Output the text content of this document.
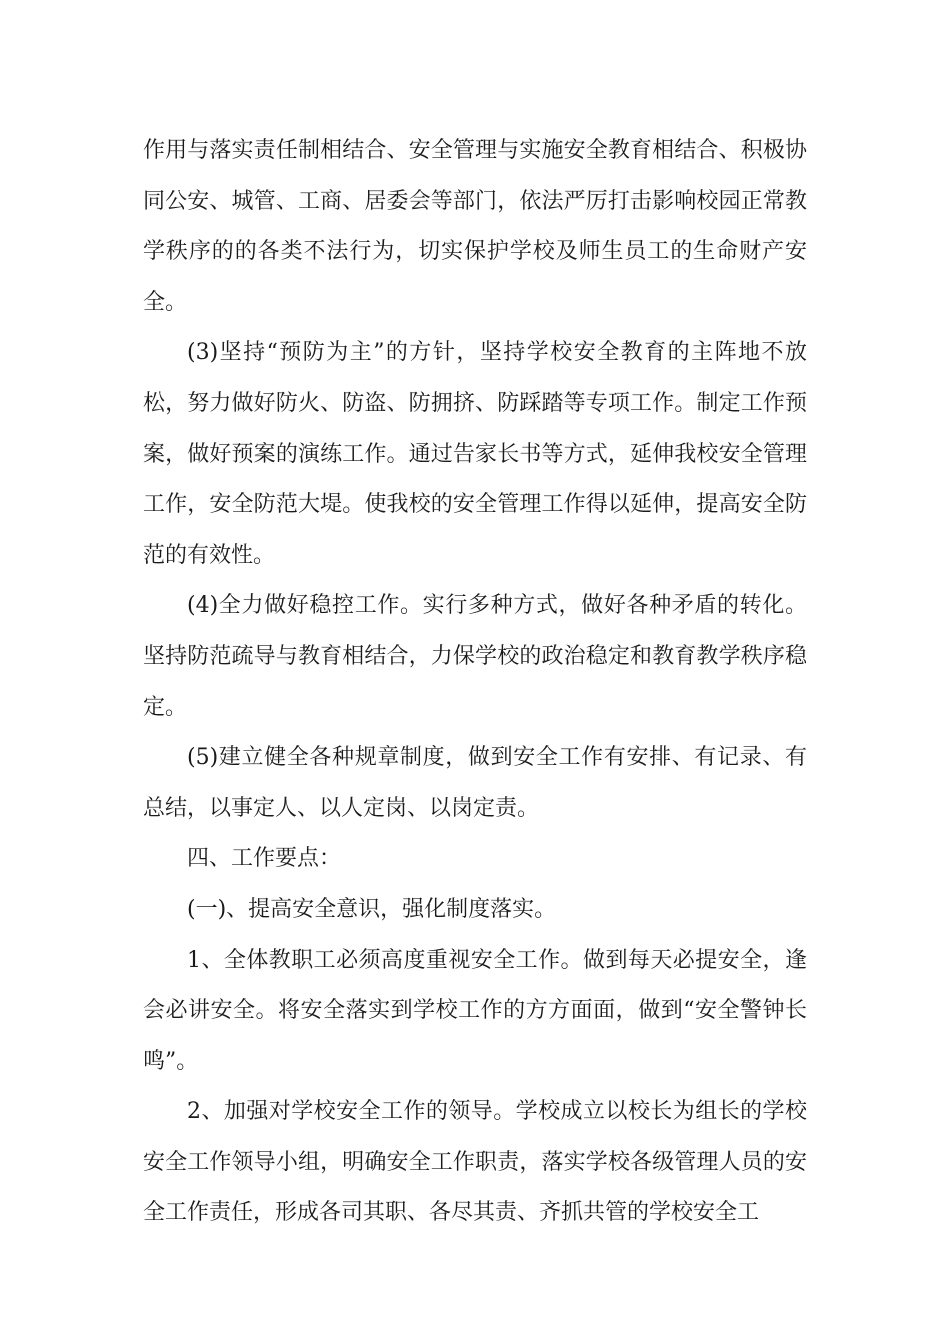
作用与落实责任制相结合、安全管理与实施安全教育相结合、积极协同公安、城管、工商、居委会等部门，依法严厉打击影响校园正常教学秩序的的各类不法行为，切实保护学校及师生员工的生命财产安全。

(3)坚持“预防为主”的方针，坚持学校安全教育的主阵地不放松，努力做好防火、防盗、防拥挤、防踩踏等专项工作。制定工作预案，做好预案的演练工作。通过告家长书等方式，延伸我校安全管理工作，安全防范大堤。使我校的安全管理工作得以延伸，提高安全防范的有效性。

(4)全力做好稳控工作。实行多种方式，做好各种矛盾的转化。坚持防范疏导与教育相结合，力保学校的政治稳定和教育教学秩序稳定。

(5)建立健全各种规章制度，做到安全工作有安排、有记录、有总结，以事定人、以人定岗、以岗定责。

四、工作要点：

(一)、提高安全意识，强化制度落实。

1、全体教职工必须高度重视安全工作。做到每天必提安全，逢会必讲安全。将安全落实到学校工作的方方面面，做到“安全警钟长鸣”。

2、加强对学校安全工作的领导。学校成立以校长为组长的学校安全工作领导小组，明确安全工作职责，落实学校各级管理人员的安全工作责任，形成各司其职、各尽其责、齐抓共管的学校安全工
